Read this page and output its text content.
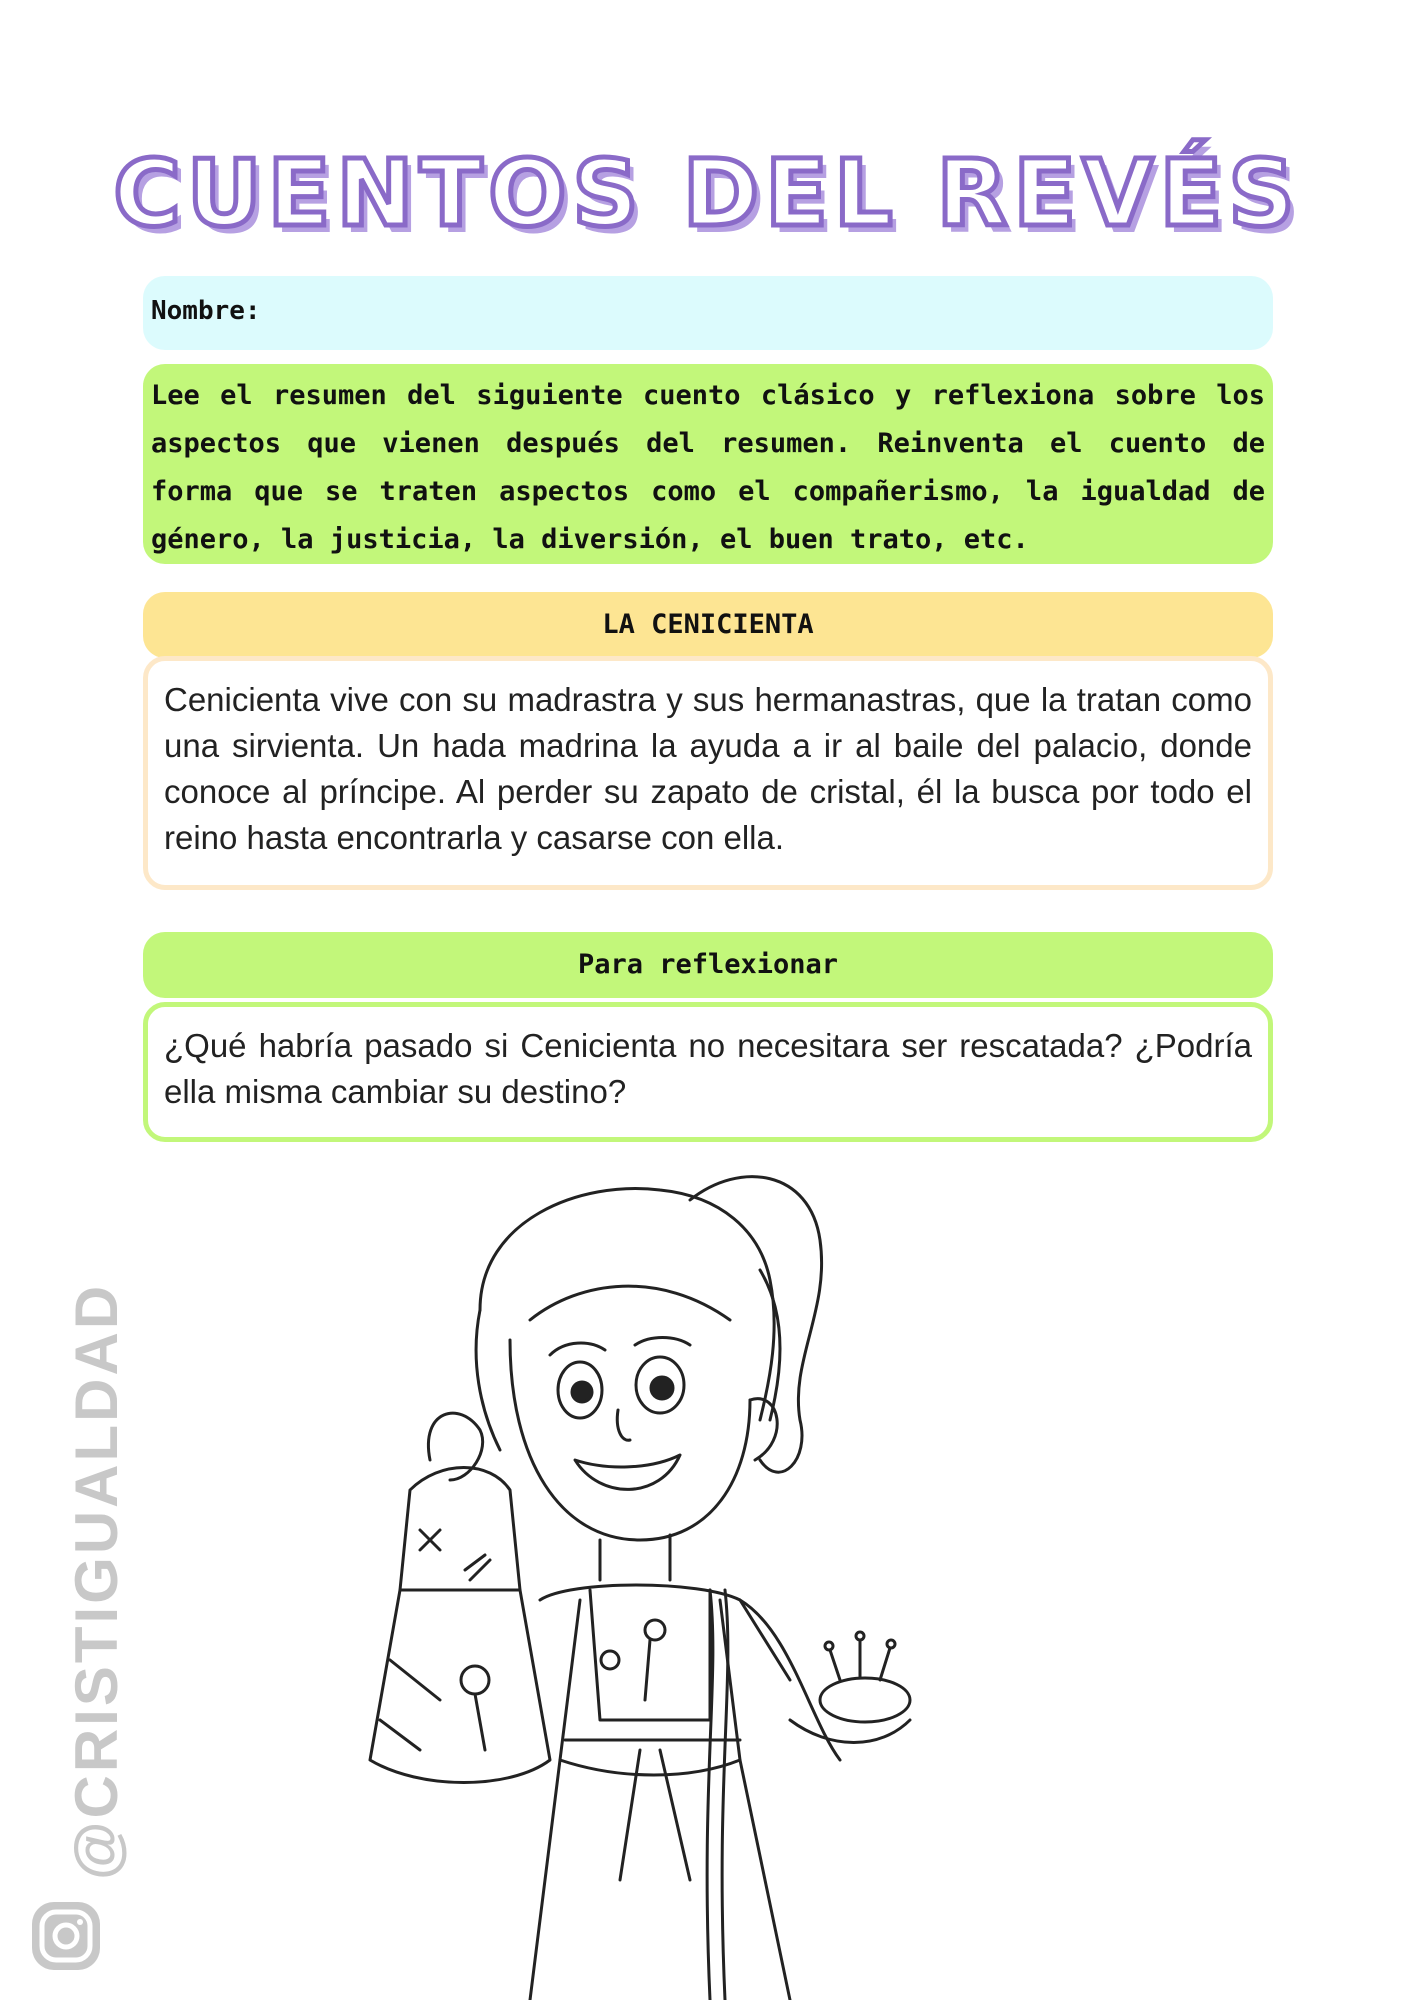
CUENTOS DEL REVÉS
Nombre:
Lee el resumen del siguiente cuento clásico y reflexiona sobre los aspectos que vienen después del resumen. Reinventa el cuento de forma que se traten aspectos como el compañerismo, la igualdad de género, la justicia, la diversión, el buen trato, etc.
LA CENICIENTA
Cenicienta vive con su madrastra y sus hermanastras, que la tratan como una sirvienta. Un hada madrina la ayuda a ir al baile del palacio, donde conoce al príncipe. Al perder su zapato de cristal, él la busca por todo el reino hasta encontrarla y casarse con ella.
Para reflexionar
¿Qué habría pasado si Cenicienta no necesitara ser rescatada? ¿Podría ella misma cambiar su destino?
@CRISTIGUALDAD
